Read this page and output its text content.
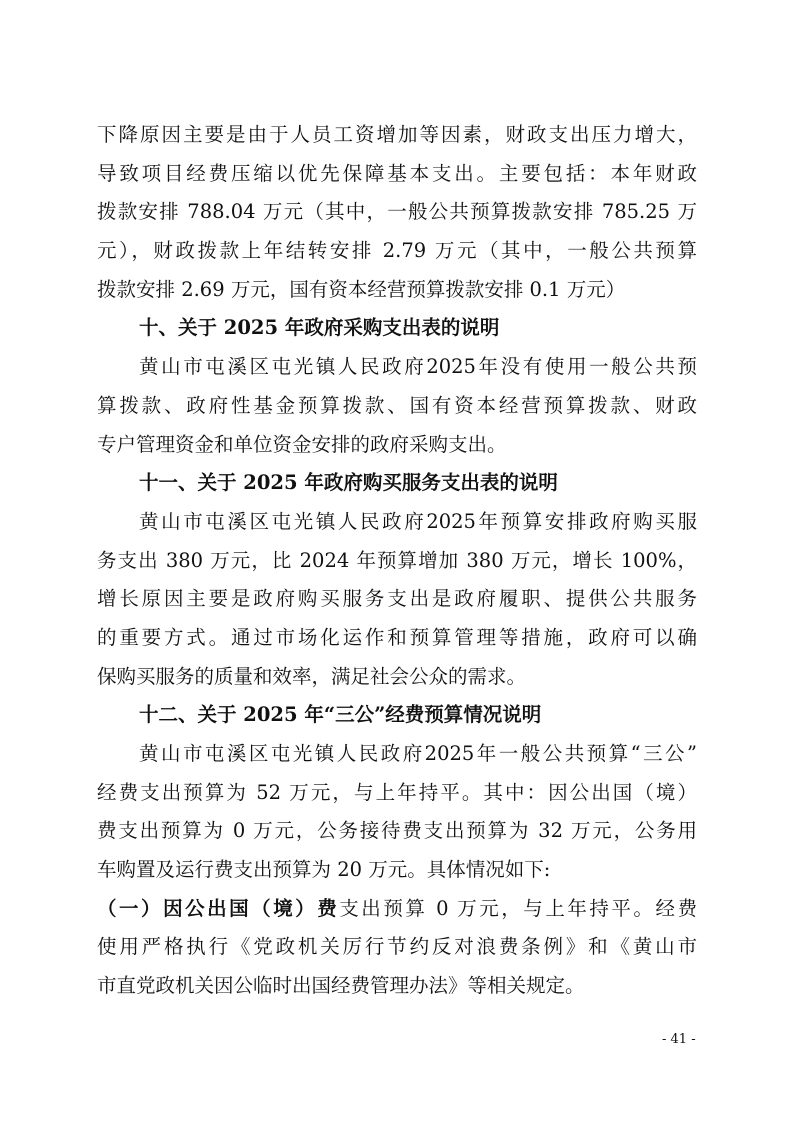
下降原因主要是由于人员工资增加等因素，财政支出压力增大，
导致项目经费压缩以优先保障基本支出。主要包括：本年财政
拨款安排 788.04 万元（其中，一般公共预算拨款安排 785.25 万
元），财政拨款上年结转安排 2.79 万元（其中，一般公共预算
拨款安排 2.69 万元，国有资本经营预算拨款安排 0.1 万元）
十、关于 2025 年政府采购支出表的说明
黄山市屯溪区屯光镇人民政府2025年没有使用一般公共预
算拨款、政府性基金预算拨款、国有资本经营预算拨款、财政
专户管理资金和单位资金安排的政府采购支出。
十一、关于 2025 年政府购买服务支出表的说明
黄山市屯溪区屯光镇人民政府2025年预算安排政府购买服
务支出 380 万元，比 2024 年预算增加 380 万元，增长 100%，
增长原因主要是政府购买服务支出是政府履职、提供公共服务
的重要方式。通过市场化运作和预算管理等措施，政府可以确
保购买服务的质量和效率，满足社会公众的需求。
十二、关于 2025 年“三公”经费预算情况说明
黄山市屯溪区屯光镇人民政府2025年一般公共预算“三公”
经费支出预算为 52 万元，与上年持平。其中：因公出国（境）
费支出预算为 0 万元，公务接待费支出预算为 32 万元，公务用
车购置及运行费支出预算为 20 万元。具体情况如下:
（一）因公出国（境）费支出预算 0 万元，与上年持平。经费
使用严格执行《党政机关厉行节约反对浪费条例》和《黄山市
市直党政机关因公临时出国经费管理办法》等相关规定。
- 41 -
